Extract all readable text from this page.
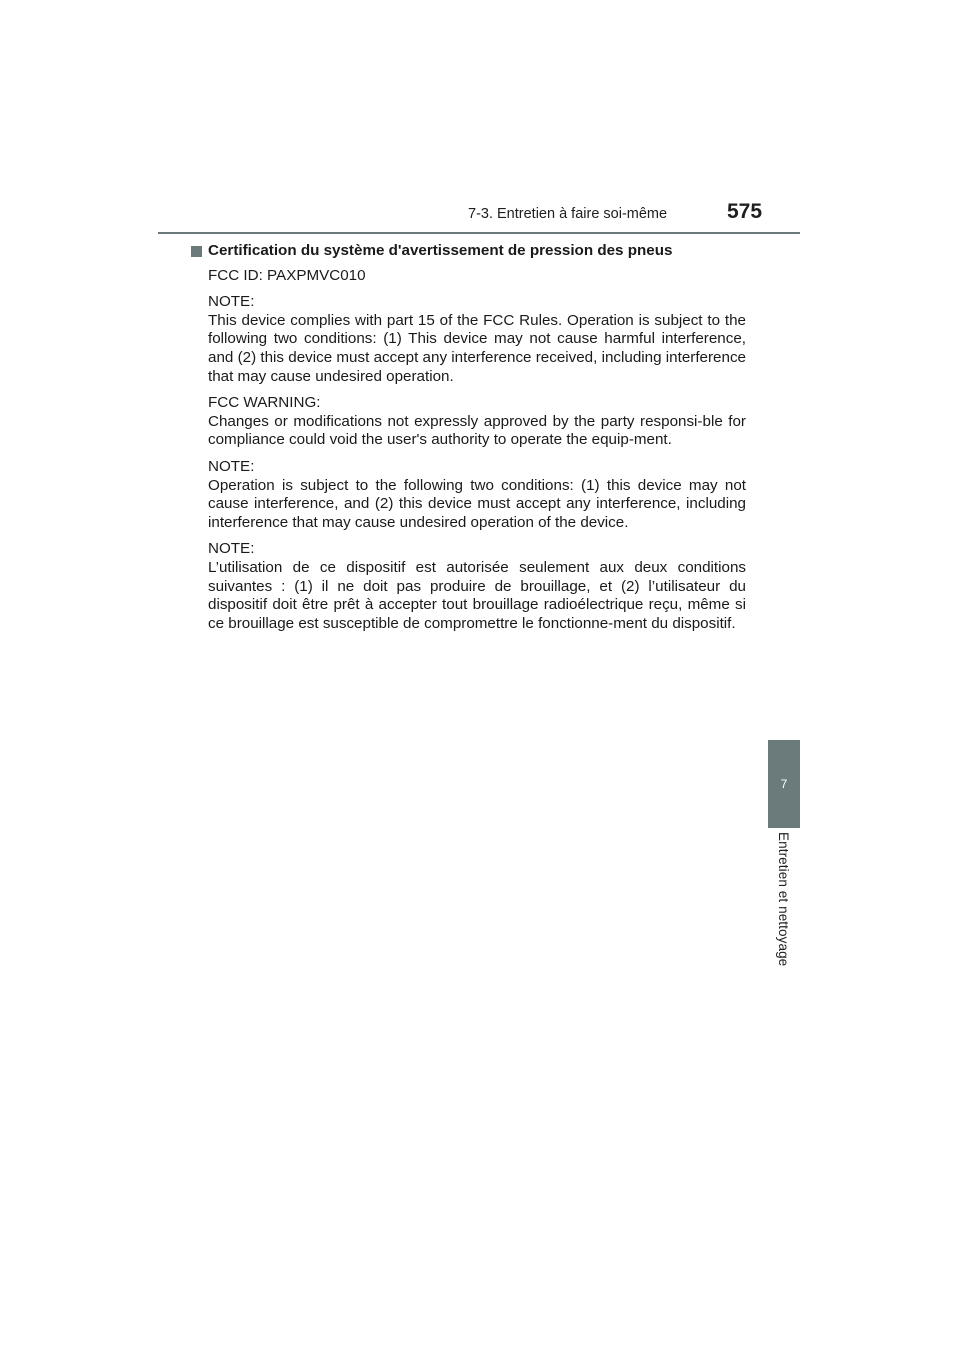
7-3. Entretien à faire soi-même	575
7
Entretien et nettoyage
Certification du système d'avertissement de pression des pneus

FCC ID: PAXPMVC010

NOTE:
This device complies with part 15 of the FCC Rules. Operation is subject to the following two conditions: (1) This device may not cause harmful interference, and (2) this device must accept any interference received, including interference that may cause undesired operation.

FCC WARNING:
Changes or modifications not expressly approved by the party responsi-ble for compliance could void the user's authority to operate the equip-ment.

NOTE:
Operation is subject to the following two conditions: (1) this device may not cause interference, and (2) this device must accept any interference, including interference that may cause undesired operation of the device.

NOTE:
L’utilisation de ce dispositif est autorisée seulement aux deux conditions suivantes : (1) il ne doit pas produire de brouillage, et (2) l’utilisateur du dispositif doit être prêt à accepter tout brouillage radioélectrique reçu, même si ce brouillage est susceptible de compromettre le fonctionne-ment du dispositif.
